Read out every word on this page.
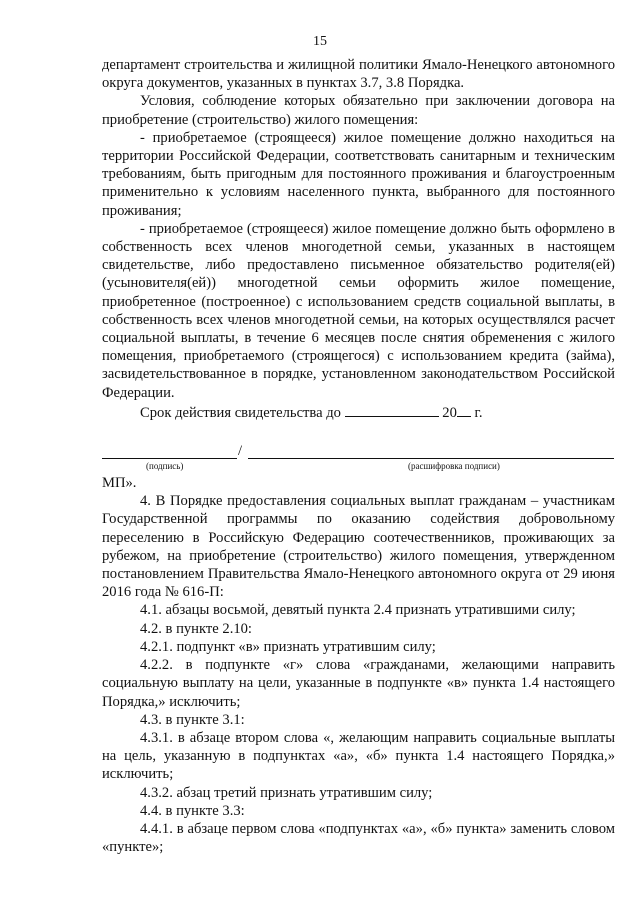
15

департамент строительства и жилищной политики Ямало-Ненецкого автономного округа документов, указанных в пунктах 3.7, 3.8 Порядка.

Условия, соблюдение которых обязательно при заключении договора на приобретение (строительство) жилого помещения:

- приобретаемое (строящееся) жилое помещение должно находиться на территории Российской Федерации, соответствовать санитарным и техническим требованиям, быть пригодным для постоянного проживания и благоустроенным применительно к условиям населенного пункта, выбранного для постоянного проживания;

- приобретаемое (строящееся) жилое помещение должно быть оформлено в собственность всех членов многодетной семьи, указанных в настоящем свидетельстве, либо предоставлено письменное обязательство родителя(ей) (усыновителя(ей)) многодетной семьи оформить жилое помещение, приобретенное (построенное) с использованием средств социальной выплаты, в собственность всех членов многодетной семьи, на которых осуществлялся расчет социальной выплаты, в течение 6 месяцев после снятия обременения с жилого помещения, приобретаемого (строящегося) с использованием кредита (займа), засвидетельствованное в порядке, установленном законодательством Российской Федерации.

Срок действия свидетельства до	20 г.

/
(подпись)	(расшифровка подписи)

МП».

4. В Порядке предоставления социальных выплат гражданам – участникам Государственной программы по оказанию содействия добровольному переселению в Российскую Федерацию соотечественников, проживающих за рубежом, на приобретение (строительство) жилого помещения, утвержденном постановлением Правительства Ямало-Ненецкого автономного округа от 29 июня 2016 года № 616-П:

4.1. абзацы восьмой, девятый пункта 2.4 признать утратившими силу;

4.2. в пункте 2.10:

4.2.1. подпункт «в» признать утратившим силу;

4.2.2. в подпункте «г» слова «гражданами, желающими направить социальную выплату на цели, указанные в подпункте «в» пункта 1.4 настоящего Порядка,» исключить;

4.3. в пункте 3.1:

4.3.1. в абзаце втором слова «, желающим направить социальные выплаты на цель, указанную в подпунктах «а», «б» пункта 1.4 настоящего Порядка,» исключить;

4.3.2. абзац третий признать утратившим силу;

4.4. в пункте 3.3:

4.4.1. в абзаце первом слова «подпунктах «а», «б» пункта» заменить словом «пункте»;
